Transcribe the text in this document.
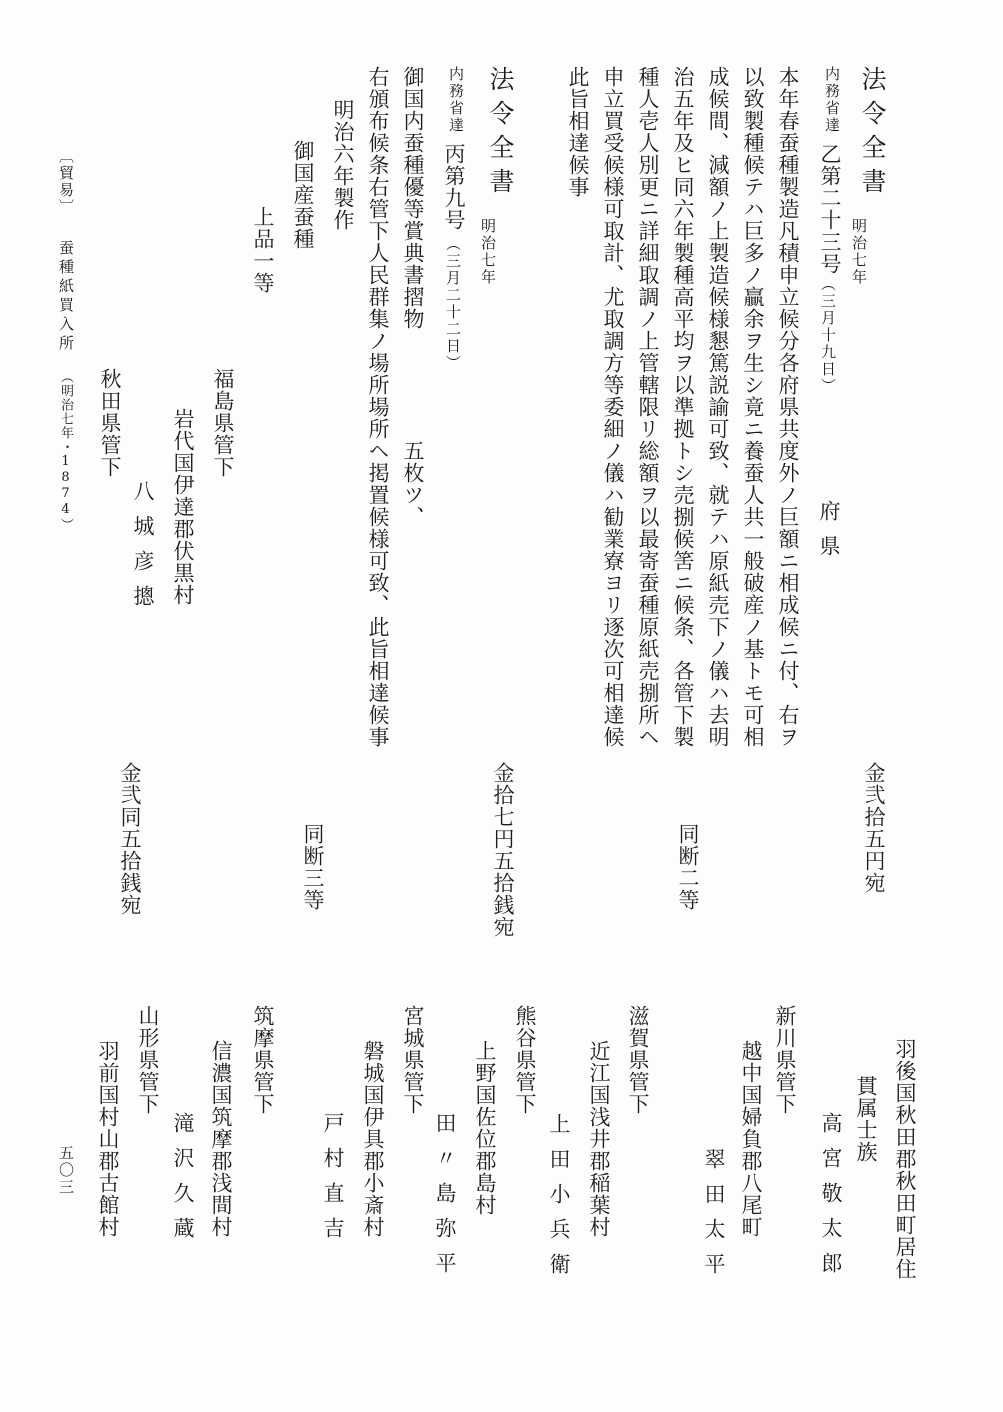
法令全書
明治七年
内務省達
乙第二十三号
（三月十九日）
府県
本年春蚕種製造凡積申立候分各府県共度外ノ巨額ニ相成候ニ付、右ヲ
以致製種候テハ巨多ノ贏余ヲ生シ竟ニ養蚕人共一般破産ノ基トモ可相
成候間、減額ノ上製造候様懇篤説諭可致、就テハ原紙売下ノ儀ハ去明
治五年及ヒ同六年製種高平均ヲ以準拠トシ売捌候筈ニ候条、各管下製
種人壱人別更ニ詳細取調ノ上管轄限リ総額ヲ以最寄蚕種原紙売捌所ヘ
申立買受候様可取計、尤取調方等委細ノ儀ハ勧業寮ヨリ逐次可相達候
此旨相達候事
法令全書
明治七年
内務省達
丙第九号
（三月二十二日）
御国内蚕種優等賞典書摺物　　　　　五枚ツ、
右頒布候条右管下人民群集ノ場所場所ヘ掲置候様可致、此旨相達候事
明治六年製作
御国産蚕種
上品一等
福島県管下
岩代国伊達郡伏黒村
八城彦摠
秋田県管下
〔貿易〕
蚕種紙買入所
（明治七年・1874）
金弐拾五円宛
同断二等
金拾七円五拾銭宛
同断三等
金弐同五拾銭宛
羽後国秋田郡秋田町居住
貫属士族
高宮敬太郎
新川県管下
越中国婦負郡八尾町
翠田太平
滋賀県管下
近江国浅井郡稲葉村
上田小兵衛
熊谷県管下
上野国佐位郡島村
田〃島弥平
宮城県管下
磐城国伊具郡小斎村
戸村直吉
筑摩県管下
信濃国筑摩郡浅間村
滝沢久蔵
山形県管下
羽前国村山郡古館村
五〇三
